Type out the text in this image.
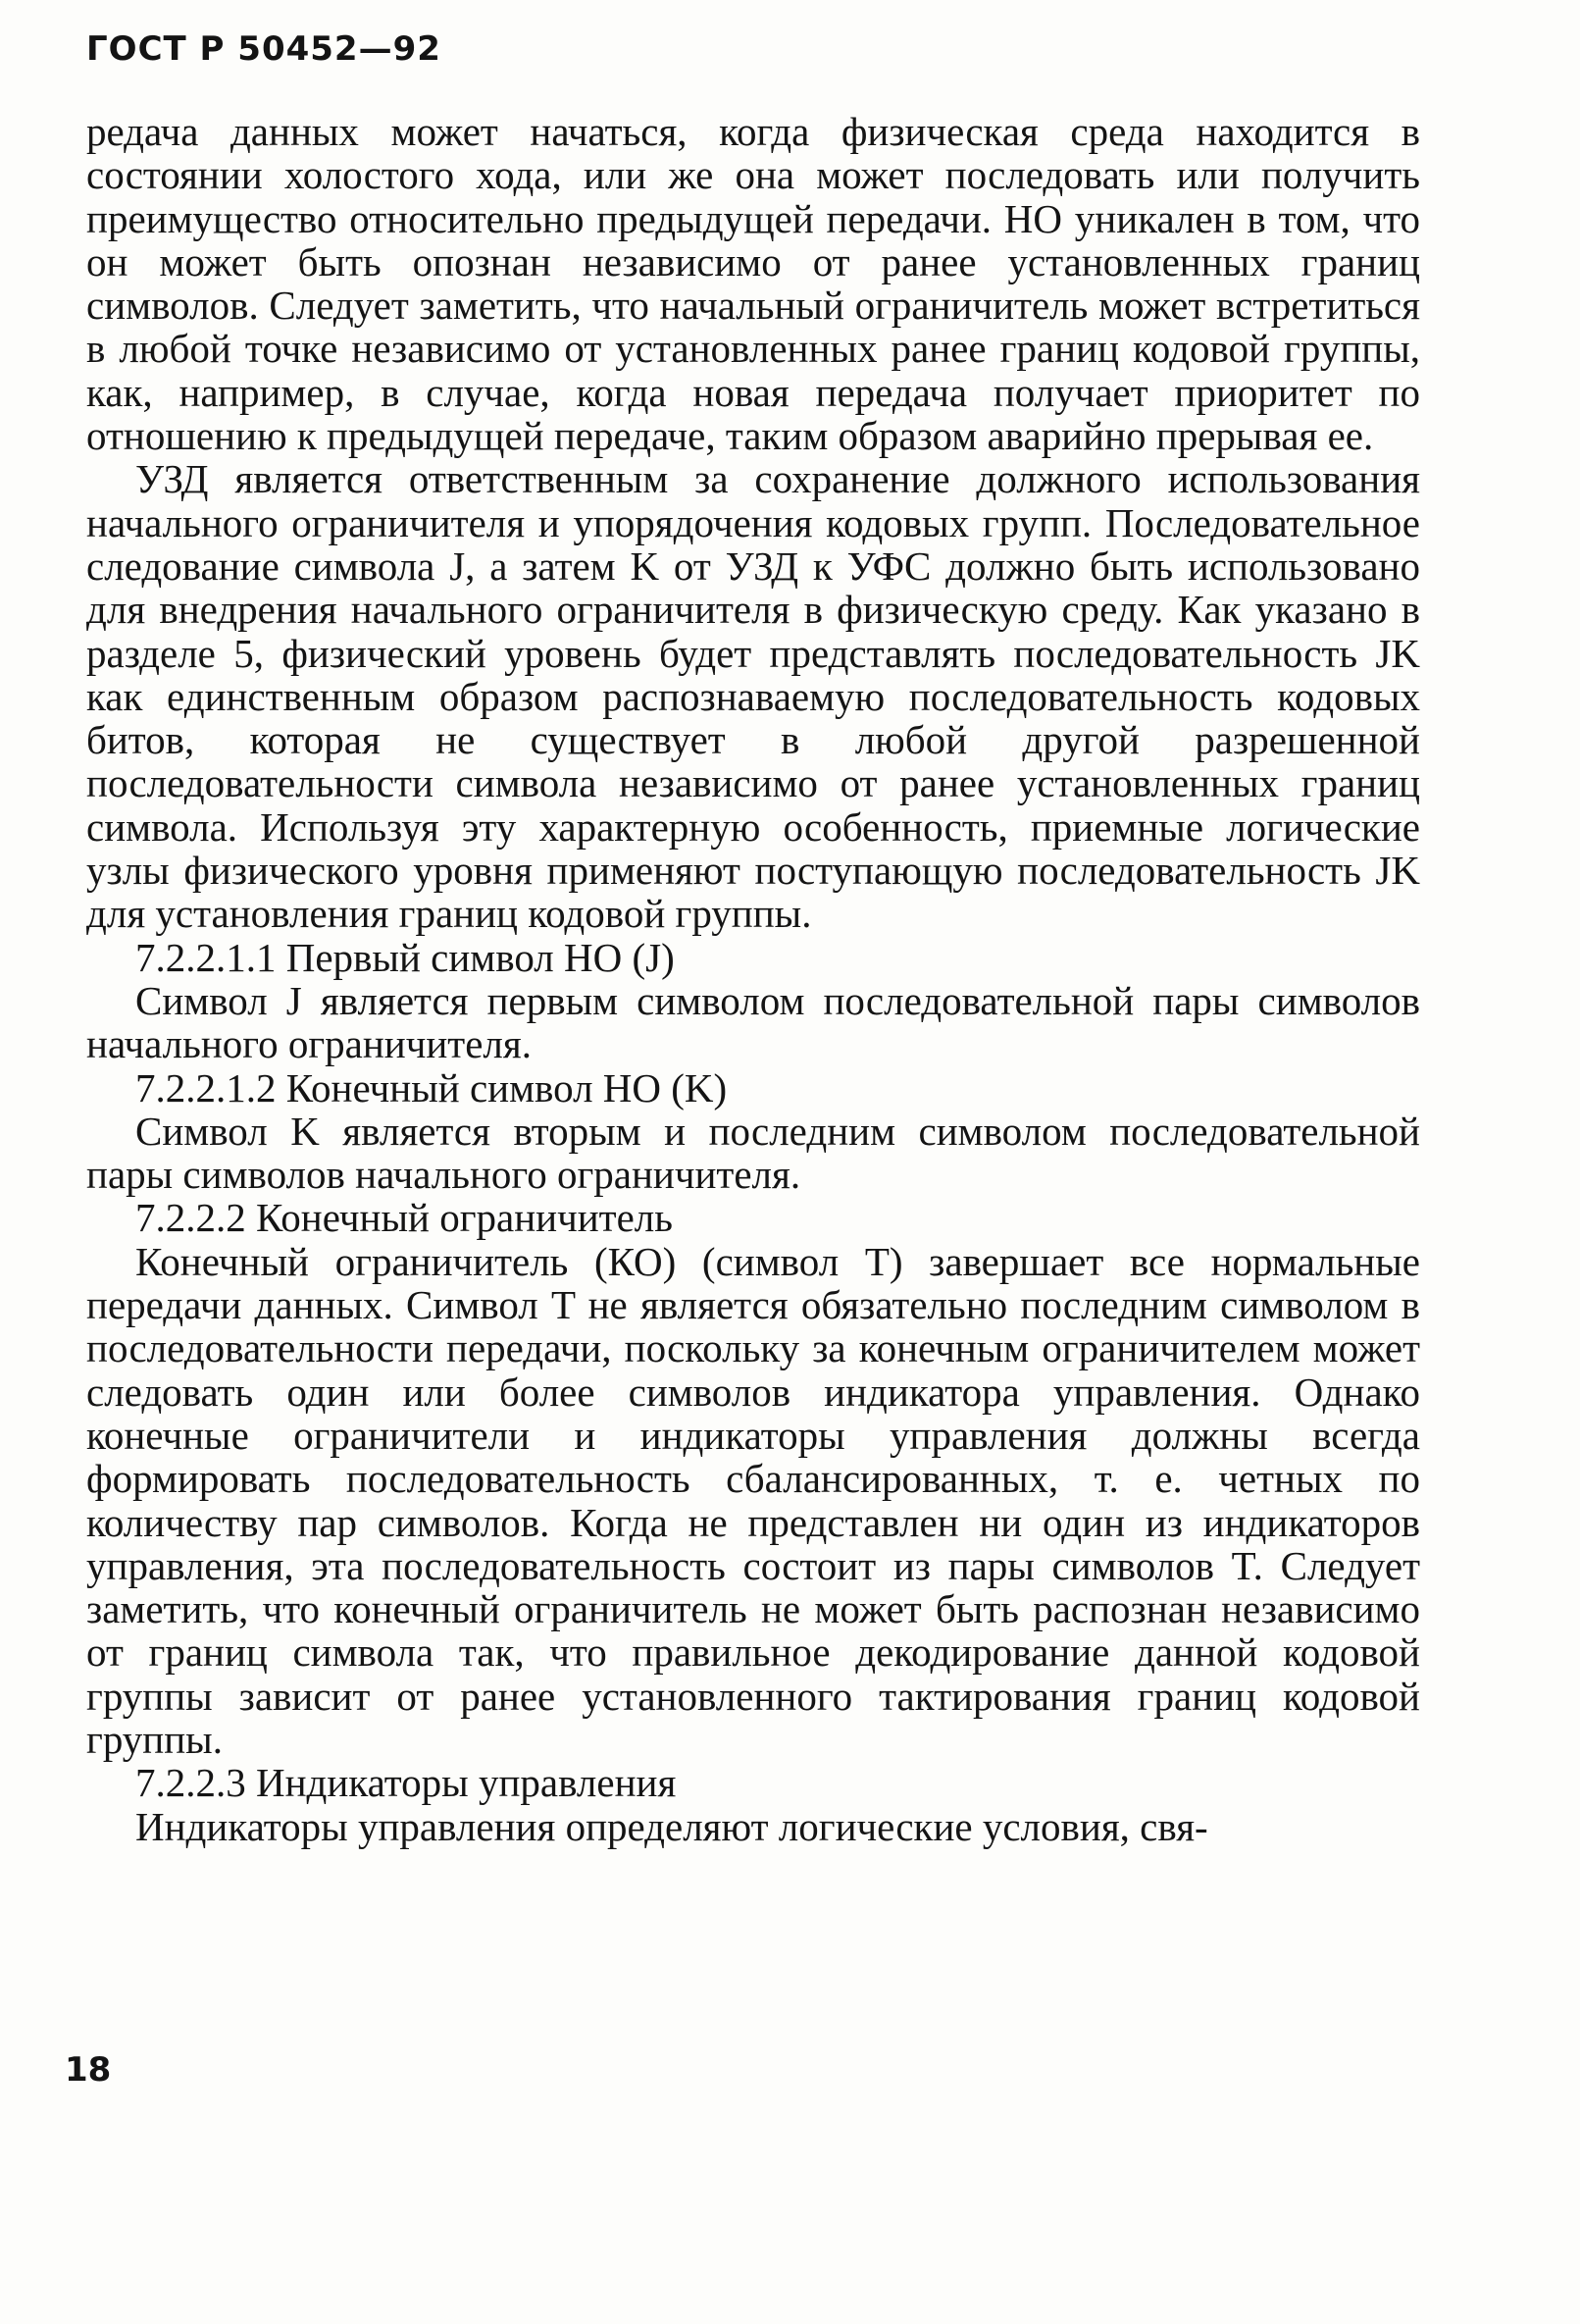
ГОСТ Р 50452—92

редача данных может начаться, когда физическая среда находится в состоянии холостого хода, или же она может последовать или получить преимущество относительно предыдущей передачи. НО уникален в том, что он может быть опознан независимо от ранее установленных границ символов. Следует заметить, что начальный ограничитель может встретиться в любой точке независимо от установленных ранее границ кодовой группы, как, например, в случае, когда новая передача получает приоритет по отношению к предыдущей передаче, таким образом аварийно прерывая ее.

УЗД является ответственным за сохранение должного использования начального ограничителя и упорядочения кодовых групп. Последовательное следование символа J, а затем K от УЗД к УФС должно быть использовано для внедрения начального ограничителя в физическую среду. Как указано в разделе 5, физический уровень будет представлять последовательность JK как единственным образом распознаваемую последовательность кодовых битов, которая не существует в любой другой разрешенной последовательности символа независимо от ранее установленных границ символа. Используя эту характерную особенность, приемные логические узлы физического уровня применяют поступающую последовательность JK для установления границ кодовой группы.

7.2.2.1.1 Первый символ НО (J)

Символ J является первым символом последовательной пары символов начального ограничителя.

7.2.2.1.2 Конечный символ НО (K)

Символ K является вторым и последним символом последовательной пары символов начального ограничителя.

7.2.2.2 Конечный ограничитель

Конечный ограничитель (КО) (символ T) завершает все нормальные передачи данных. Символ T не является обязательно последним символом в последовательности передачи, поскольку за конечным ограничителем может следовать один или более символов индикатора управления. Однако конечные ограничители и индикаторы управления должны всегда формировать последовательность сбалансированных, т. е. четных по количеству пар символов. Когда не представлен ни один из индикаторов управления, эта последовательность состоит из пары символов T. Следует заметить, что конечный ограничитель не может быть распознан независимо от границ символа так, что правильное декодирование данной кодовой группы зависит от ранее установленного тактирования границ кодовой группы.

7.2.2.3 Индикаторы управления

Индикаторы управления определяют логические условия, свя-

18
